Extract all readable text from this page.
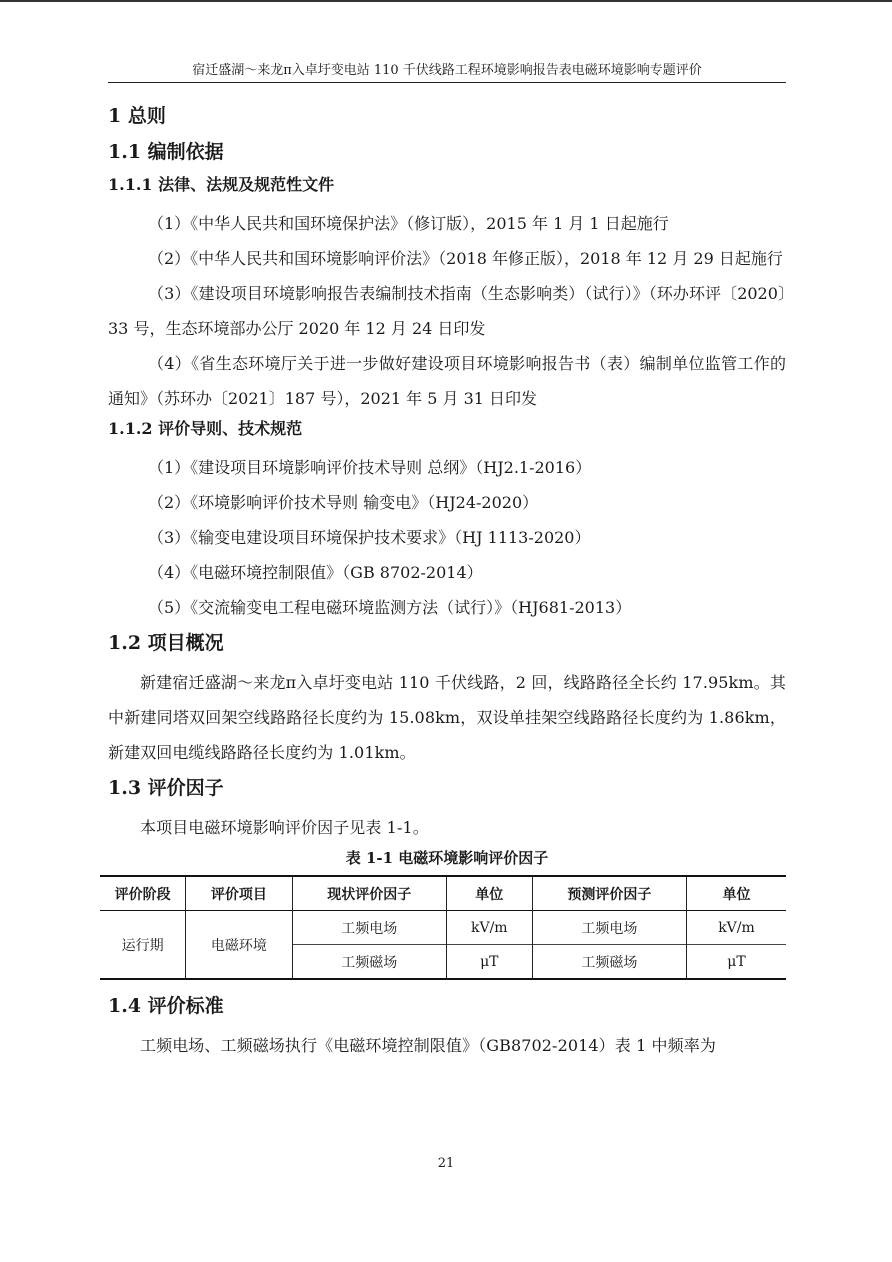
宿迁盛湖～来龙π入卓圩变电站 110 千伏线路工程环境影响报告表电磁环境影响专题评价
1 总则
1.1 编制依据
1.1.1 法律、法规及规范性文件

（1）《中华人民共和国环境保护法》（修订版），2015 年 1 月 1 日起施行

（2）《中华人民共和国环境影响评价法》（2018 年修正版），2018 年 12 月 29 日起施行

（3）《建设项目环境影响报告表编制技术指南（生态影响类）（试行）》（环办环评〔2020〕33 号，生态环境部办公厅 2020 年 12 月 24 日印发

（4）《省生态环境厅关于进一步做好建设项目环境影响报告书（表）编制单位监管工作的通知》（苏环办〔2021〕187 号），2021 年 5 月 31 日印发

1.1.2 评价导则、技术规范

（1）《建设项目环境影响评价技术导则 总纲》（HJ2.1-2016）

（2）《环境影响评价技术导则 输变电》（HJ24-2020）

（3）《输变电建设项目环境保护技术要求》（HJ 1113-2020）

（4）《电磁环境控制限值》（GB 8702-2014）

（5）《交流输变电工程电磁环境监测方法（试行）》（HJ681-2013）

1.2 项目概况

新建宿迁盛湖～来龙π入卓圩变电站 110 千伏线路，2 回，线路路径全长约 17.95km。其中新建同塔双回架空线路路径长度约为 15.08km，双设单挂架空线路路径长度约为 1.86km，新建双回电缆线路路径长度约为 1.01km。

1.3 评价因子

本项目电磁环境影响评价因子见表 1-1。

表 1-1 电磁环境影响评价因子
评价阶段	评价项目	现状评价因子	单位	预测评价因子	单位
运行期	电磁环境	工频电场	kV/m	工频电场	kV/m
		工频磁场	μT	工频磁场	μT
1.4 评价标准

工频电场、工频磁场执行《电磁环境控制限值》（GB8702-2014）表 1 中频率为

21
